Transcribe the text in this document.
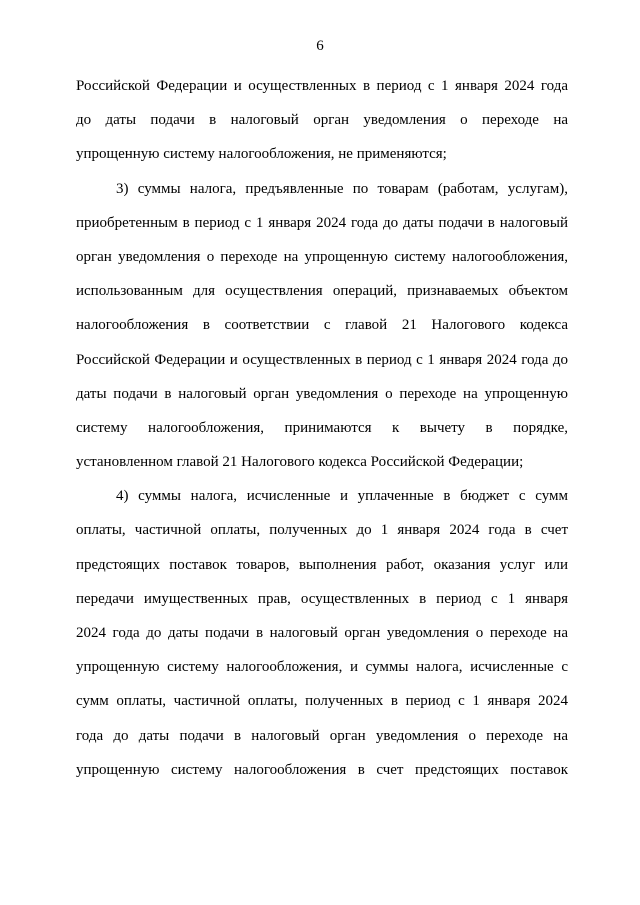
6
Российской Федерации и осуществленных в период с 1 января 2024 года
до даты подачи в налоговый орган уведомления о переходе на
упрощенную систему налогообложения, не применяются;
3) суммы налога, предъявленные по товарам (работам, услугам),
приобретенным в период с 1 января 2024 года до даты подачи в налоговый
орган уведомления о переходе на упрощенную систему налогообложения,
использованным для осуществления операций, признаваемых объектом
налогообложения в соответствии с главой 21 Налогового кодекса
Российской Федерации и осуществленных в период с 1 января 2024 года до
даты подачи в налоговый орган уведомления о переходе на упрощенную
систему налогообложения, принимаются к вычету в порядке,
установленном главой 21 Налогового кодекса Российской Федерации;
4) суммы налога, исчисленные и уплаченные в бюджет с сумм
оплаты, частичной оплаты, полученных до 1 января 2024 года в счет
предстоящих поставок товаров, выполнения работ, оказания услуг или
передачи имущественных прав, осуществленных в период с 1 января
2024 года до даты подачи в налоговый орган уведомления о переходе на
упрощенную систему налогообложения, и суммы налога, исчисленные с
сумм оплаты, частичной оплаты, полученных в период с 1 января 2024
года до даты подачи в налоговый орган уведомления о переходе на
упрощенную систему налогообложения в счет предстоящих поставок
